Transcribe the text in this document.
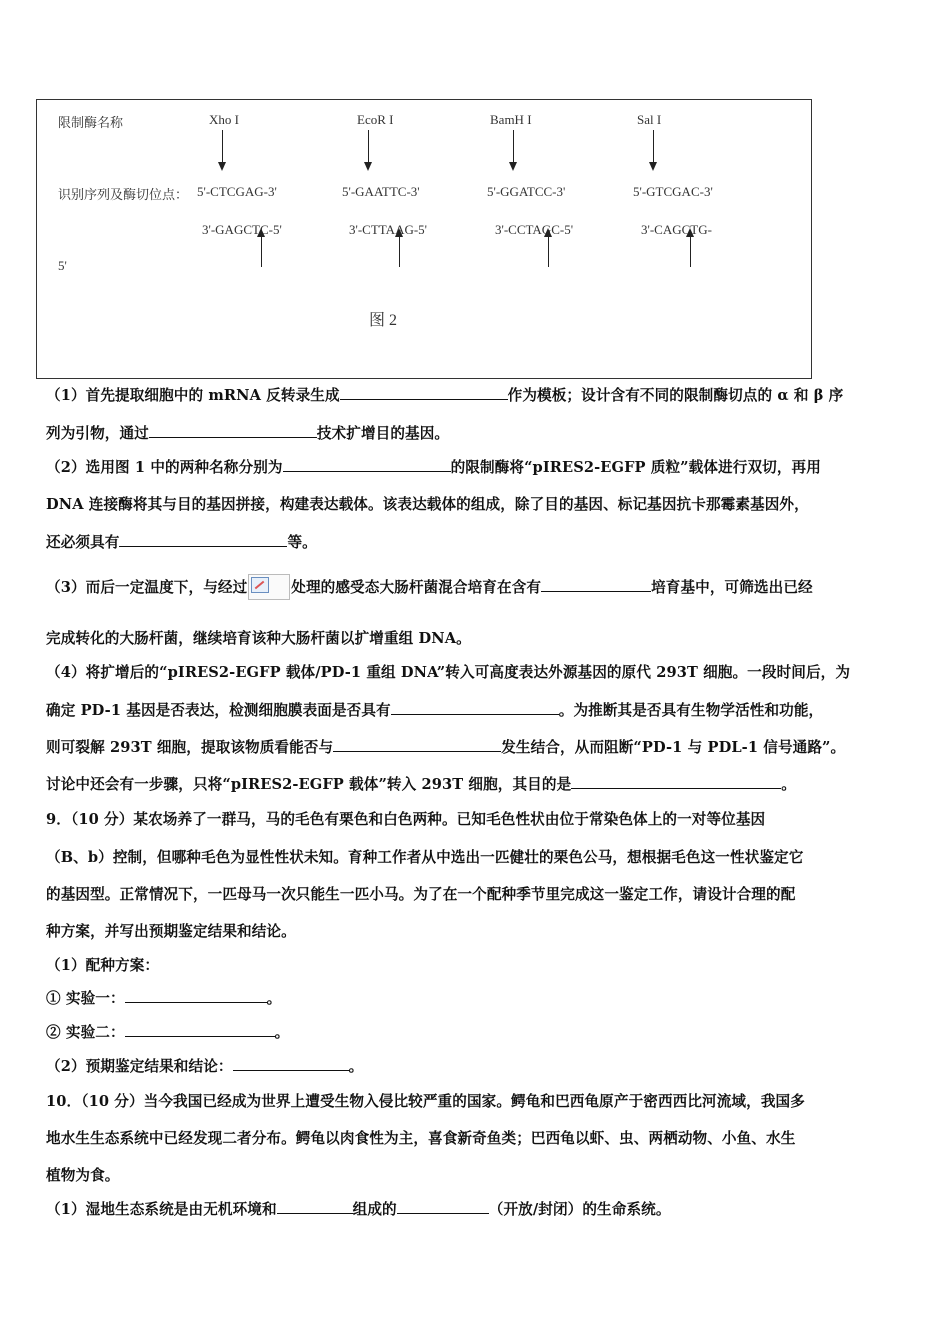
限制酶名称	Xho I	EcoR I	BamH I	Sal I
识别序列及酶切位点： 5'-CTCGAG-3'	5'-GAATTC-3'	5'-GGATCC-3'	5'-GTCGAC-3'
3'-GAGCTC-5'	3'-CTTAAG-5'	3'-CCTAGC-5'	3'-CAGCTG-
5'
图 2
（1）首先提取细胞中的 mRNA 反转录生成	作为模板；设计含有不同的限制酶切点的 α 和 β 序
列为引物，通过	技术扩增目的基因。
（2）选用图 1 中的两种名称分别为	的限制酶将“pIRES2-EGFP 质粒”载体进行双切，再用
DNA 连接酶将其与目的基因拼接，构建表达载体。该表达载体的组成，除了目的基因、标记基因抗卡那霉素基因外，
还必须具有	等。
（3）而后一定温度下，与经过	处理的感受态大肠杆菌混合培育在含有	培育基中，可筛选出已经
完成转化的大肠杆菌，继续培育该种大肠杆菌以扩增重组 DNA。
（4）将扩增后的“pIRES2-EGFP 载体/PD-1 重组 DNA”转入可高度表达外源基因的原代 293T 细胞。一段时间后，为
确定 PD-1 基因是否表达，检测细胞膜表面是否具有	。为推断其是否具有生物学活性和功能，
则可裂解 293T 细胞，提取该物质看能否与	发生结合，从而阻断“PD-1 与 PDL-1 信号通路”。
讨论中还会有一步骤，只将“pIRES2-EGFP 载体”转入 293T 细胞，其目的是	。
9．（10 分）某农场养了一群马，马的毛色有栗色和白色两种。已知毛色性状由位于常染色体上的一对等位基因
（B、b）控制，但哪种毛色为显性性状未知。育种工作者从中选出一匹健壮的栗色公马，想根据毛色这一性状鉴定它
的基因型。正常情况下，一匹母马一次只能生一匹小马。为了在一个配种季节里完成这一鉴定工作，请设计合理的配
种方案，并写出预期鉴定结果和结论。
（1）配种方案：
① 实验一：	。
② 实验二：	。
（2）预期鉴定结果和结论：	。
10．（10 分）当今我国已经成为世界上遭受生物入侵比较严重的国家。鳄龟和巴西龟原产于密西西比河流域，我国多
地水生生态系统中已经发现二者分布。鳄龟以肉食性为主，喜食新奇鱼类；巴西龟以虾、虫、两栖动物、小鱼、水生
植物为食。
（1）湿地生态系统是由无机环境和	组成的	（开放/封闭）的生命系统。
